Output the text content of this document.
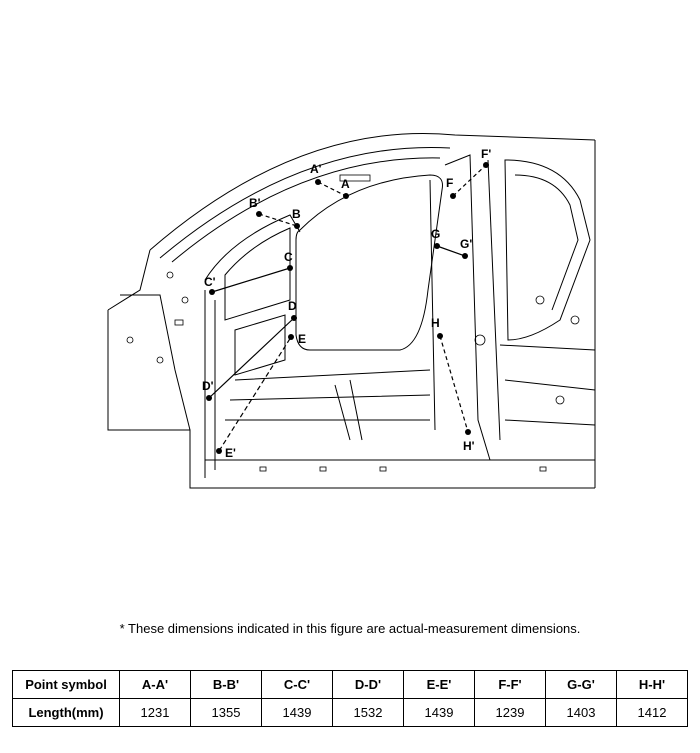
A
A'
B
B'
C
C'
D
D'
E
E'
F
F'
G
G'
H
H'
* These dimensions indicated in this figure are actual-measurement dimensions.
Point symbol	A-A'	B-B'	C-C'	D-D'	E-E'	F-F'	G-G'	H-H'
Length(mm)	1231	1355	1439	1532	1439	1239	1403	1412
